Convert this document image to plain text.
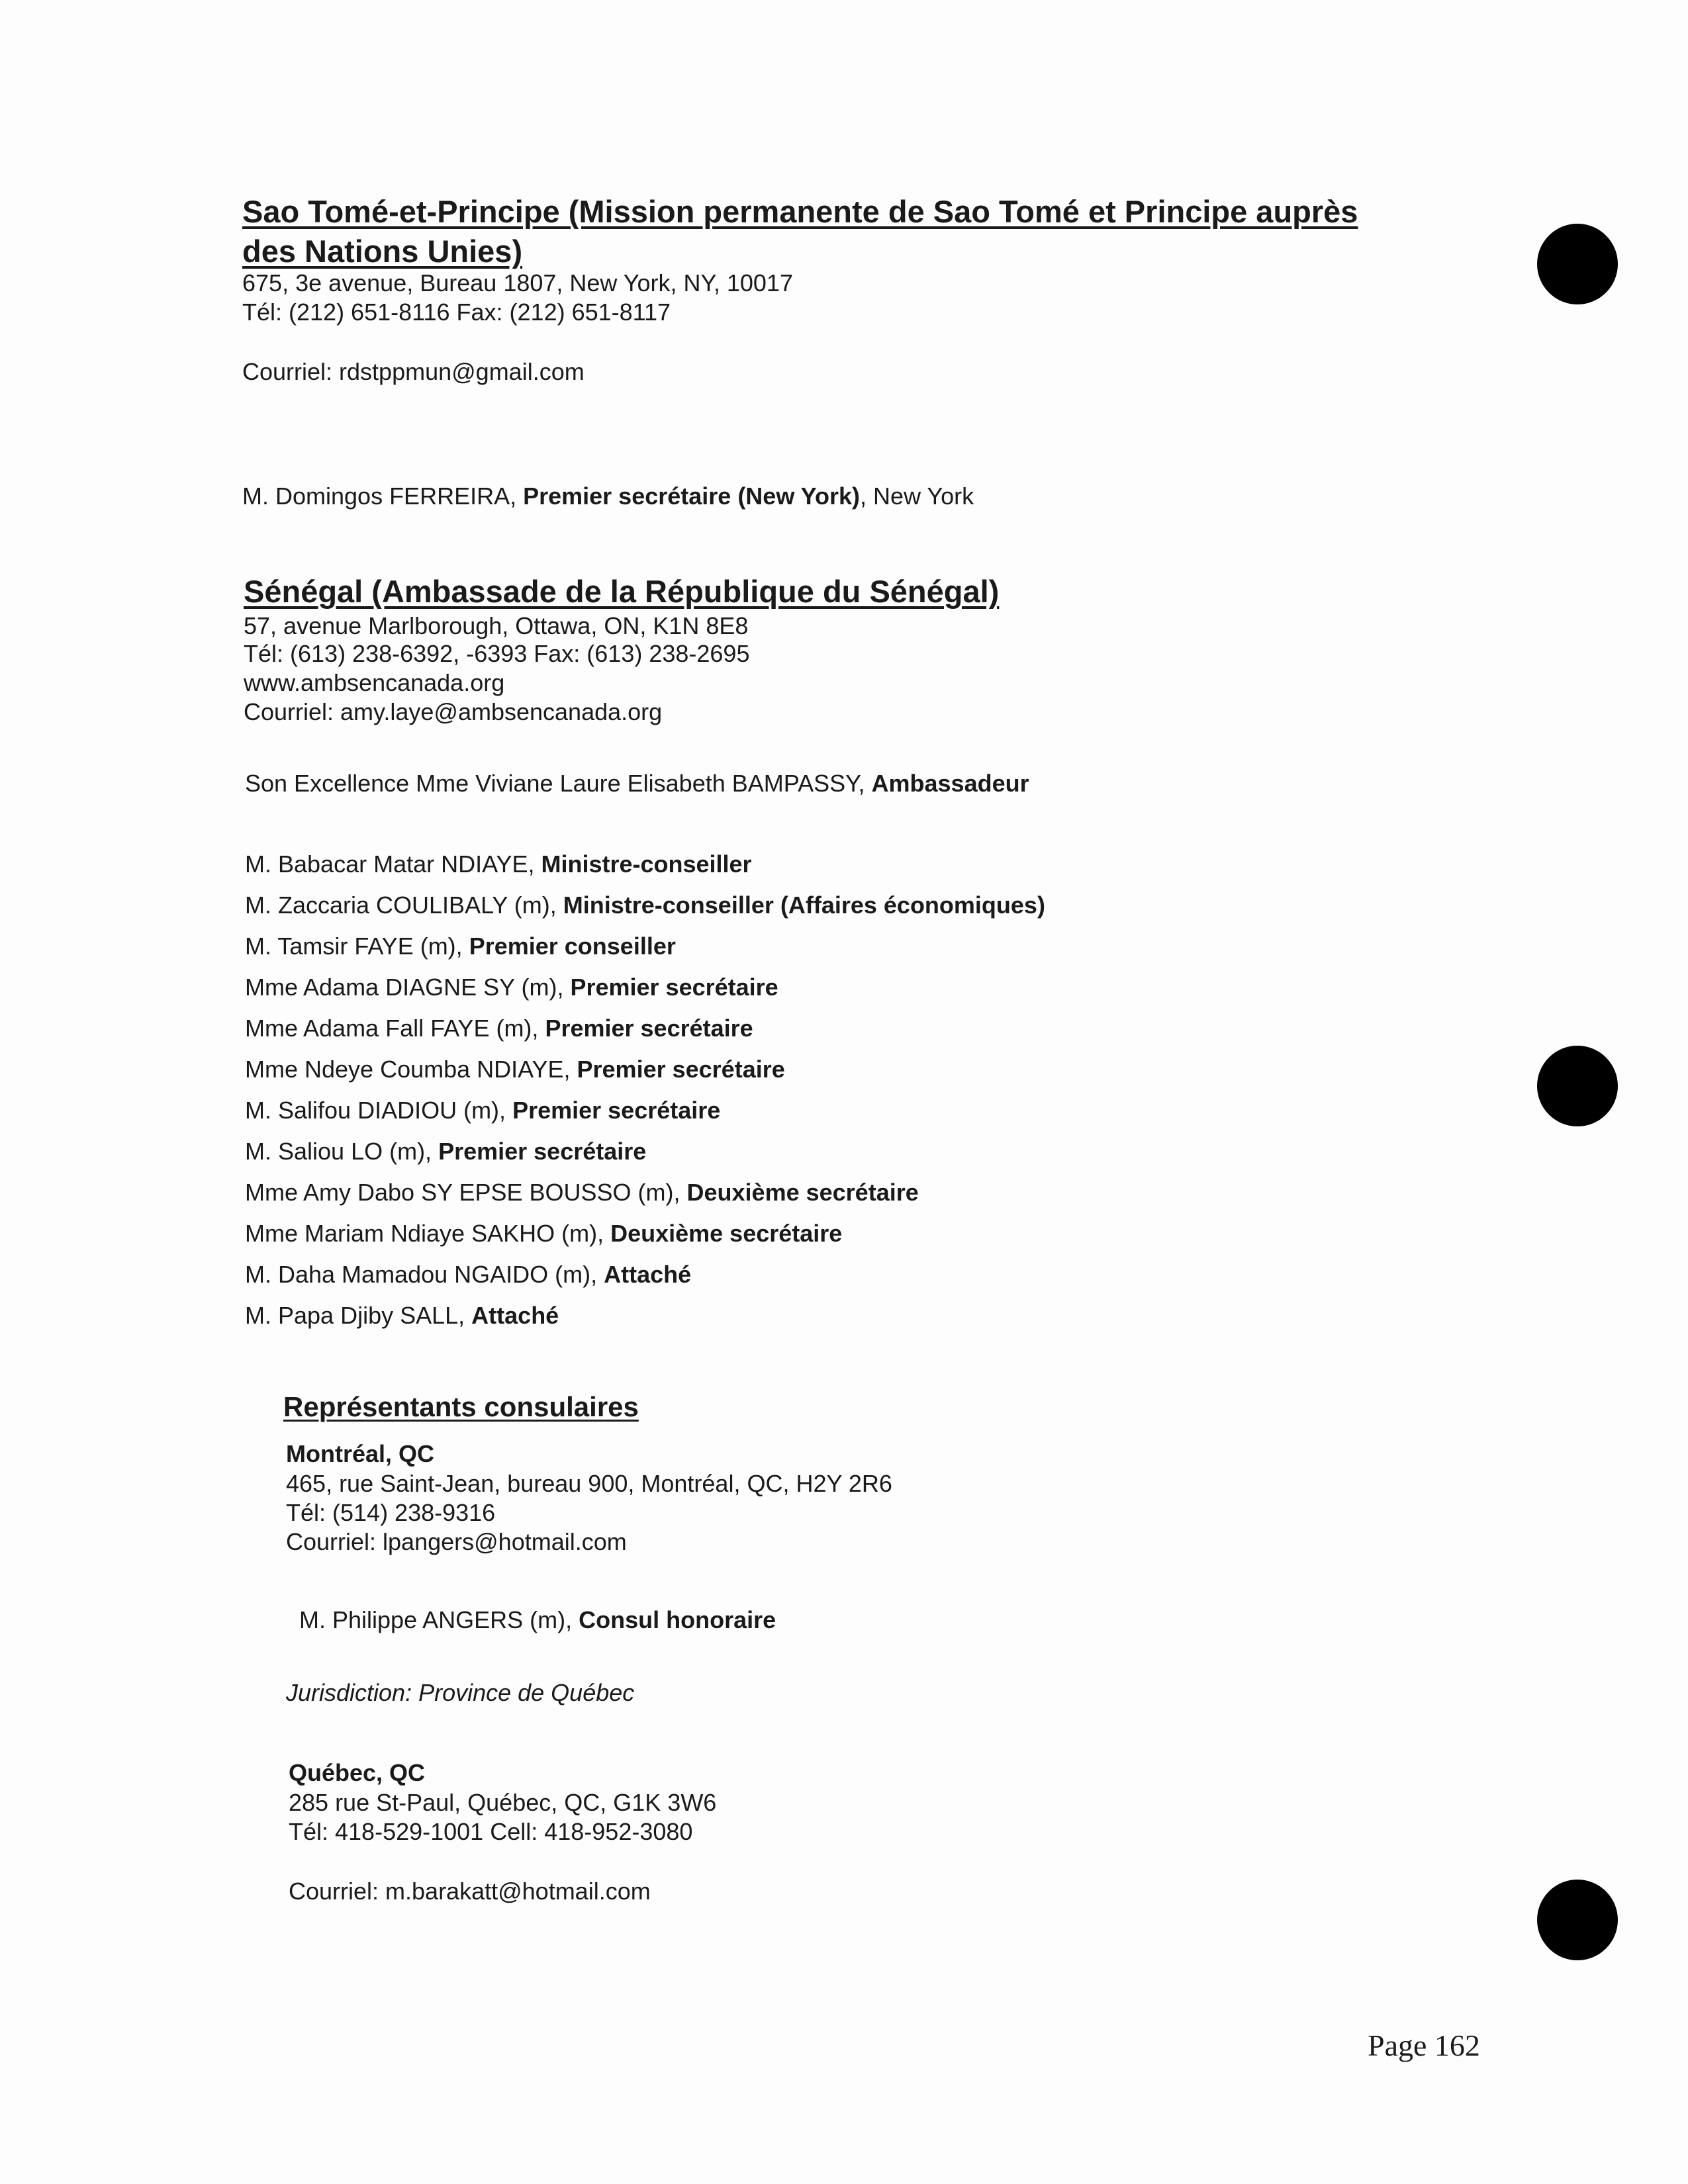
Sao Tomé-et-Principe (Mission permanente de Sao Tomé et Principe auprès
des Nations Unies)
675, 3e avenue, Bureau 1807, New York, NY, 10017
Tél: (212) 651-8116 Fax: (212) 651-8117
Courriel: rdstppmun@gmail.com
M. Domingos FERREIRA, Premier secrétaire (New York), New York
Sénégal (Ambassade de la République du Sénégal)
57, avenue Marlborough, Ottawa, ON, K1N 8E8
Tél: (613) 238-6392, -6393 Fax: (613) 238-2695
www.ambsencanada.org
Courriel: amy.laye@ambsencanada.org
Son Excellence Mme Viviane Laure Elisabeth BAMPASSY, Ambassadeur
M. Babacar Matar NDIAYE, Ministre-conseiller
M. Zaccaria COULIBALY (m), Ministre-conseiller (Affaires économiques)
M. Tamsir FAYE (m), Premier conseiller
Mme Adama DIAGNE SY (m), Premier secrétaire
Mme Adama Fall FAYE (m), Premier secrétaire
Mme Ndeye Coumba NDIAYE, Premier secrétaire
M. Salifou DIADIOU (m), Premier secrétaire
M. Saliou LO (m), Premier secrétaire
Mme Amy Dabo SY EPSE BOUSSO (m), Deuxième secrétaire
Mme Mariam Ndiaye SAKHO (m), Deuxième secrétaire
M. Daha Mamadou NGAIDO (m), Attaché
M. Papa Djiby SALL, Attaché
Représentants consulaires
Montréal, QC
465, rue Saint-Jean, bureau 900, Montréal, QC, H2Y 2R6
Tél: (514) 238-9316
Courriel: lpangers@hotmail.com
M. Philippe ANGERS (m), Consul honoraire
Jurisdiction: Province de Québec
Québec, QC
285 rue St-Paul, Québec, QC, G1K 3W6
Tél: 418-529-1001 Cell: 418-952-3080
Courriel: m.barakatt@hotmail.com
Page 162
